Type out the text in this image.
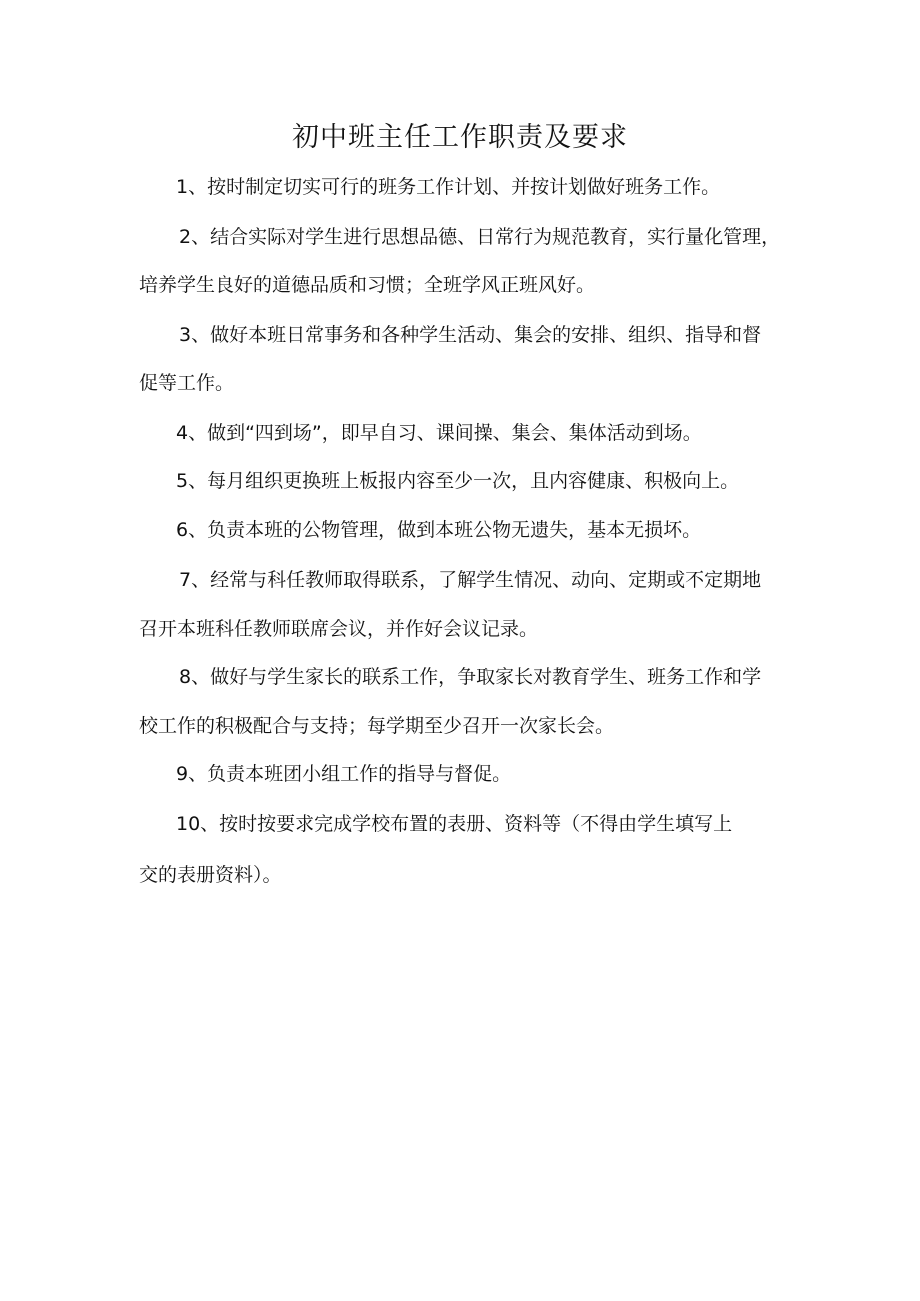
初中班主任工作职责及要求
1、按时制定切实可行的班务工作计划、并按计划做好班务工作。
2、结合实际对学生进行思想品德、日常行为规范教育，实行量化管理，
培养学生良好的道德品质和习惯；全班学风正班风好。
3、做好本班日常事务和各种学生活动、集会的安排、组织、指导和督
促等工作。
4、做到“四到场”，即早自习、课间操、集会、集体活动到场。
5、每月组织更换班上板报内容至少一次，且内容健康、积极向上。
6、负责本班的公物管理，做到本班公物无遗失，基本无损坏。
7、经常与科任教师取得联系，了解学生情况、动向、定期或不定期地
召开本班科任教师联席会议，并作好会议记录。
8、做好与学生家长的联系工作，争取家长对教育学生、班务工作和学
校工作的积极配合与支持；每学期至少召开一次家长会。
9、负责本班团小组工作的指导与督促。
10、按时按要求完成学校布置的表册、资料等（不得由学生填写上
交的表册资料）。
